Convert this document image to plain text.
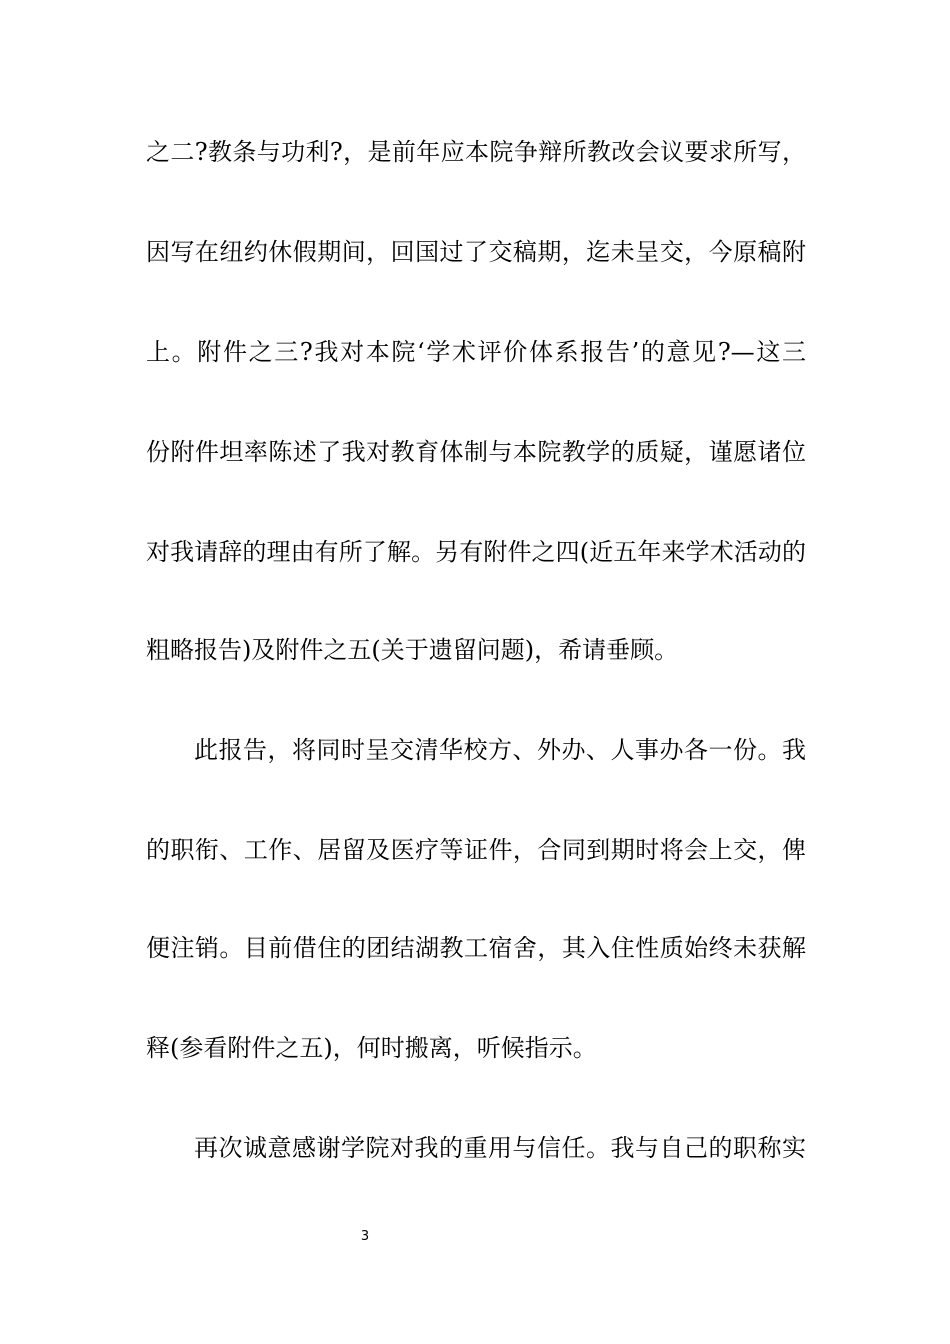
之二?教条与功利?，是前年应本院争辩所教改会议要求所写，
因写在纽约休假期间，回国过了交稿期，迄未呈交，今原稿附
上。附件之三?我对本院‘学术评价体系报告’的意见?—这三
份附件坦率陈述了我对教育体制与本院教学的质疑，谨愿诸位
对我请辞的理由有所了解。另有附件之四(近五年来学术活动的
粗略报告)及附件之五(关于遗留问题)，希请垂顾。
此报告，将同时呈交清华校方、外办、人事办各一份。我
的职衔、工作、居留及医疗等证件，合同到期时将会上交，俾
便注销。目前借住的团结湖教工宿舍，其入住性质始终未获解
释(参看附件之五)，何时搬离，听候指示。
再次诚意感谢学院对我的重用与信任。我与自己的职称实
3
